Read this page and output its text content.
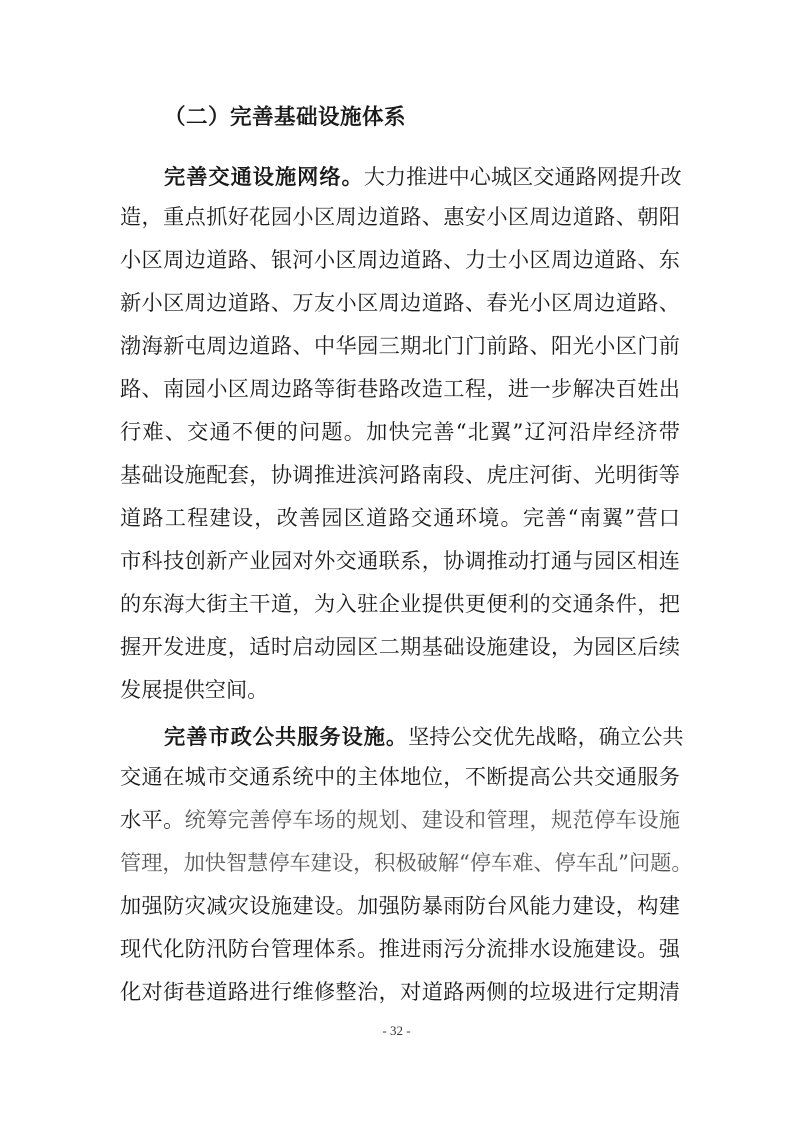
（二）完善基础设施体系
完善交通设施网络。大力推进中心城区交通路网提升改
造，重点抓好花园小区周边道路、惠安小区周边道路、朝阳
小区周边道路、银河小区周边道路、力士小区周边道路、东
新小区周边道路、万友小区周边道路、春光小区周边道路、
渤海新屯周边道路、中华园三期北门门前路、阳光小区门前
路、南园小区周边路等街巷路改造工程，进一步解决百姓出
行难、交通不便的问题。加快完善“北翼”辽河沿岸经济带
基础设施配套，协调推进滨河路南段、虎庄河街、光明街等
道路工程建设，改善园区道路交通环境。完善“南翼”营口
市科技创新产业园对外交通联系，协调推动打通与园区相连
的东海大街主干道，为入驻企业提供更便利的交通条件，把
握开发进度，适时启动园区二期基础设施建设，为园区后续
发展提供空间。
完善市政公共服务设施。坚持公交优先战略，确立公共
交通在城市交通系统中的主体地位，不断提高公共交通服务
水平。统筹完善停车场的规划、建设和管理，规范停车设施
管理，加快智慧停车建设，积极破解“停车难、停车乱”问题。
加强防灾减灾设施建设。加强防暴雨防台风能力建设，构建
现代化防汛防台管理体系。推进雨污分流排水设施建设。强
化对街巷道路进行维修整治，对道路两侧的垃圾进行定期清
- 32 -
